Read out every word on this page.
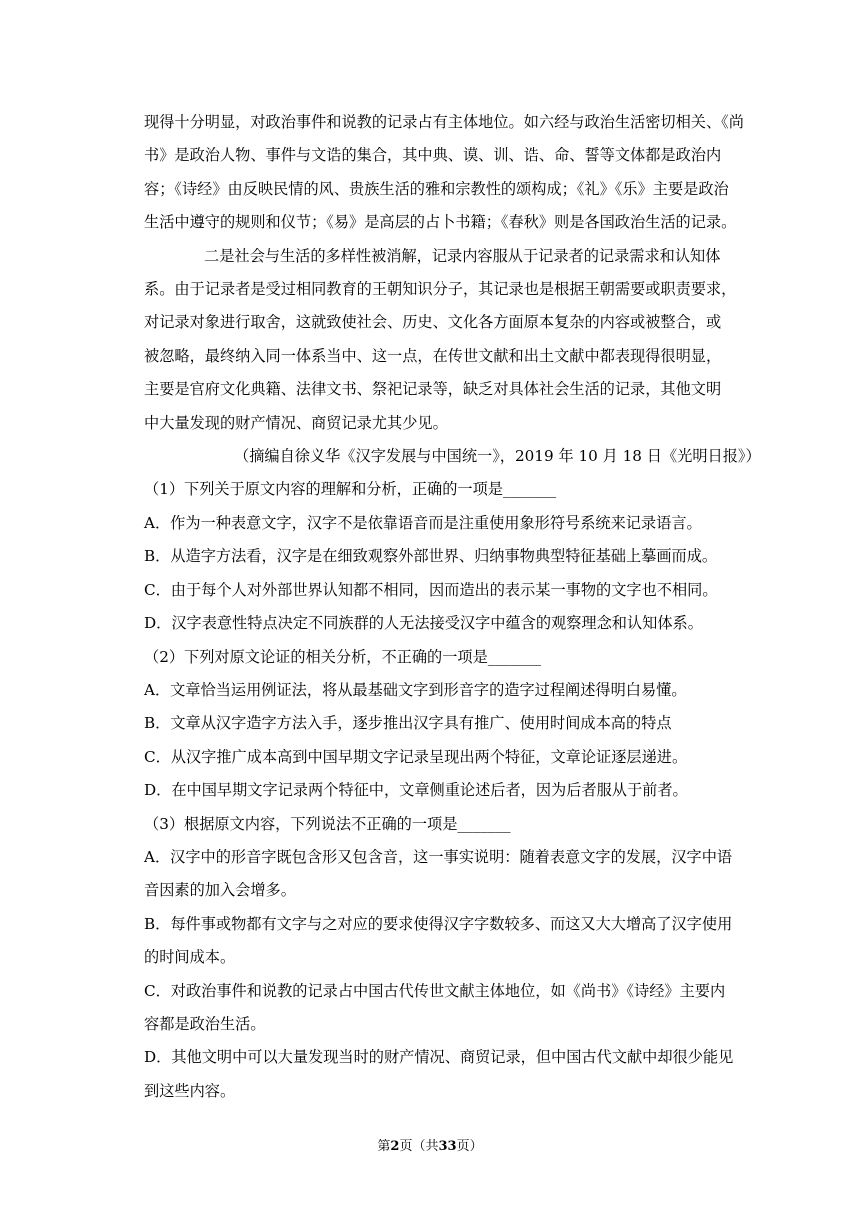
现得十分明显，对政治事件和说教的记录占有主体地位。如六经与政治生活密切相关、《尚
书》是政治人物、事件与文诰的集合，其中典、谟、训、诰、命、誓等文体都是政治内
容；《诗经》由反映民情的风、贵族生活的雅和宗教性的颂构成；《礼》《乐》主要是政治
生活中遵守的规则和仪节；《易》是高层的占卜书籍；《春秋》则是各国政治生活的记录。
二是社会与生活的多样性被消解，记录内容服从于记录者的记录需求和认知体
系。由于记录者是受过相同教育的王朝知识分子，其记录也是根据王朝需要或职责要求，
对记录对象进行取舍，这就致使社会、历史、文化各方面原本复杂的内容或被整合，或
被忽略，最终纳入同一体系当中、这一点，在传世文献和出土文献中都表现得很明显，
主要是官府文化典籍、法律文书、祭祀记录等，缺乏对具体社会生活的记录，其他文明
中大量发现的财产情况、商贸记录尤其少见。
（摘编自徐义华《汉字发展与中国统一》，2019 年 10 月 18 日《光明日报》）
（1）下列关于原文内容的理解和分析，正确的一项是_______
A．作为一种表意文字，汉字不是依靠语音而是注重使用象形符号系统来记录语言。
B．从造字方法看，汉字是在细致观察外部世界、归纳事物典型特征基础上摹画而成。
C．由于每个人对外部世界认知都不相同，因而造出的表示某一事物的文字也不相同。
D．汉字表意性特点决定不同族群的人无法接受汉字中蕴含的观察理念和认知体系。
（2）下列对原文论证的相关分析，不正确的一项是_______
A．文章恰当运用例证法，将从最基础文字到形音字的造字过程阐述得明白易懂。
B．文章从汉字造字方法入手，逐步推出汉字具有推广、使用时间成本高的特点
C．从汉字推广成本高到中国早期文字记录呈现出两个特征，文章论证逐层递进。
D．在中国早期文字记录两个特征中，文章侧重论述后者，因为后者服从于前者。
（3）根据原文内容，下列说法不正确的一项是_______
A．汉字中的形音字既包含形又包含音，这一事实说明：随着表意文字的发展，汉字中语
音因素的加入会增多。
B．每件事或物都有文字与之对应的要求使得汉字字数较多、而这又大大增高了汉字使用
的时间成本。
C．对政治事件和说教的记录占中国古代传世文献主体地位，如《尚书》《诗经》主要内
容都是政治生活。
D．其他文明中可以大量发现当时的财产情况、商贸记录，但中国古代文献中却很少能见
到这些内容。
第2页（共33页）
